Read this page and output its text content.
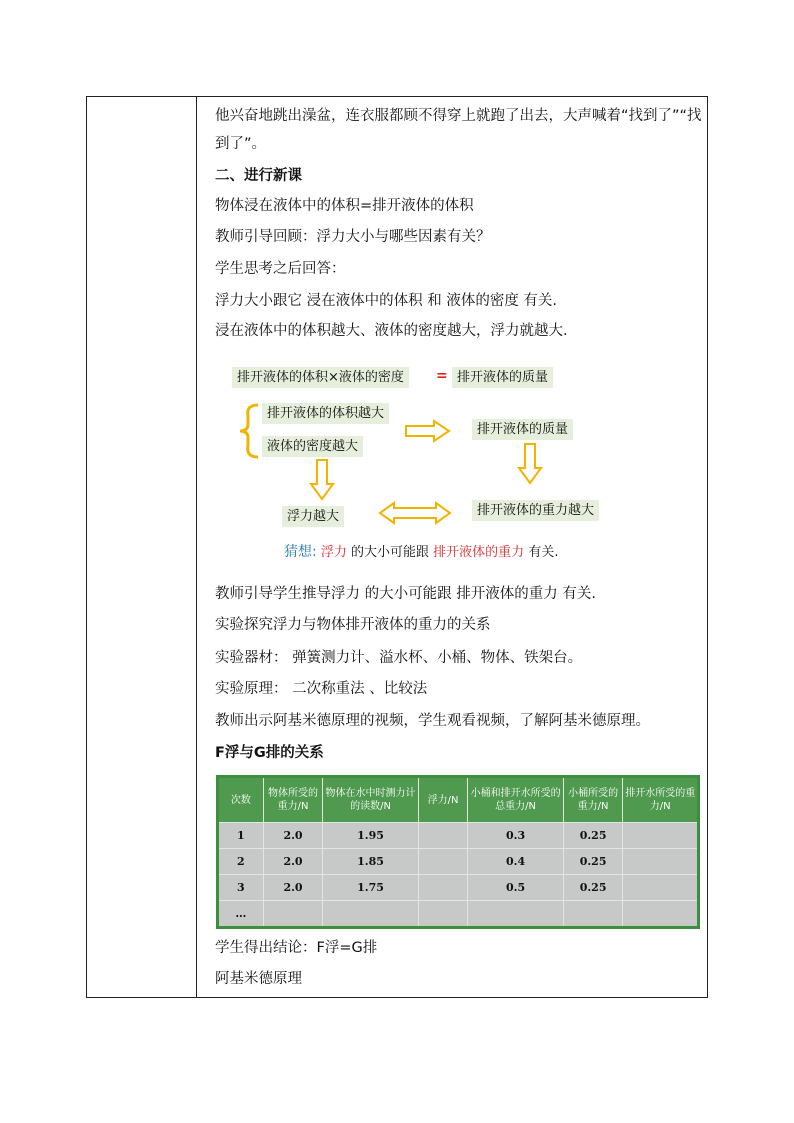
他兴奋地跳出澡盆，连衣服都顾不得穿上就跑了出去，大声喊着“找到了”“找到了”。
二、进行新课
物体浸在液体中的体积=排开液体的体积
教师引导回顾：浮力大小与哪些因素有关？
学生思考之后回答：
浮力大小跟它 浸在液体中的体积 和 液体的密度 有关.
浸在液体中的体积越大、液体的密度越大，浮力就越大.
教师引导学生推导浮力 的大小可能跟 排开液体的重力 有关.
实验探究浮力与物体排开液体的重力的关系
实验器材： 弹簧测力计、溢水杯、小桶、物体、铁架台。
实验原理： 二次称重法 、比较法
教师出示阿基米德原理的视频，学生观看视频，了解阿基米德原理。
F浮与G排的关系
学生得出结论：F浮=G排
阿基米德原理
排开液体的体积×液体的密度	= 排开液体的质量
排开液体的体积越大
液体的密度越大
排开液体的质量
浮力越大	排开液体的重力越大
猜想: 浮力 的大小可能跟 排开液体的重力 有关.
次数	物体所受的重力/N	物体在水中时测力计的读数/N	浮力/N	小桶和排开水所受的总重力/N	小桶所受的重力/N	排开水所受的重力/N
1	2.0	1.95		0.3	0.25	
2	2.0	1.85		0.4	0.25	
3	2.0	1.75		0.5	0.25	
…						
